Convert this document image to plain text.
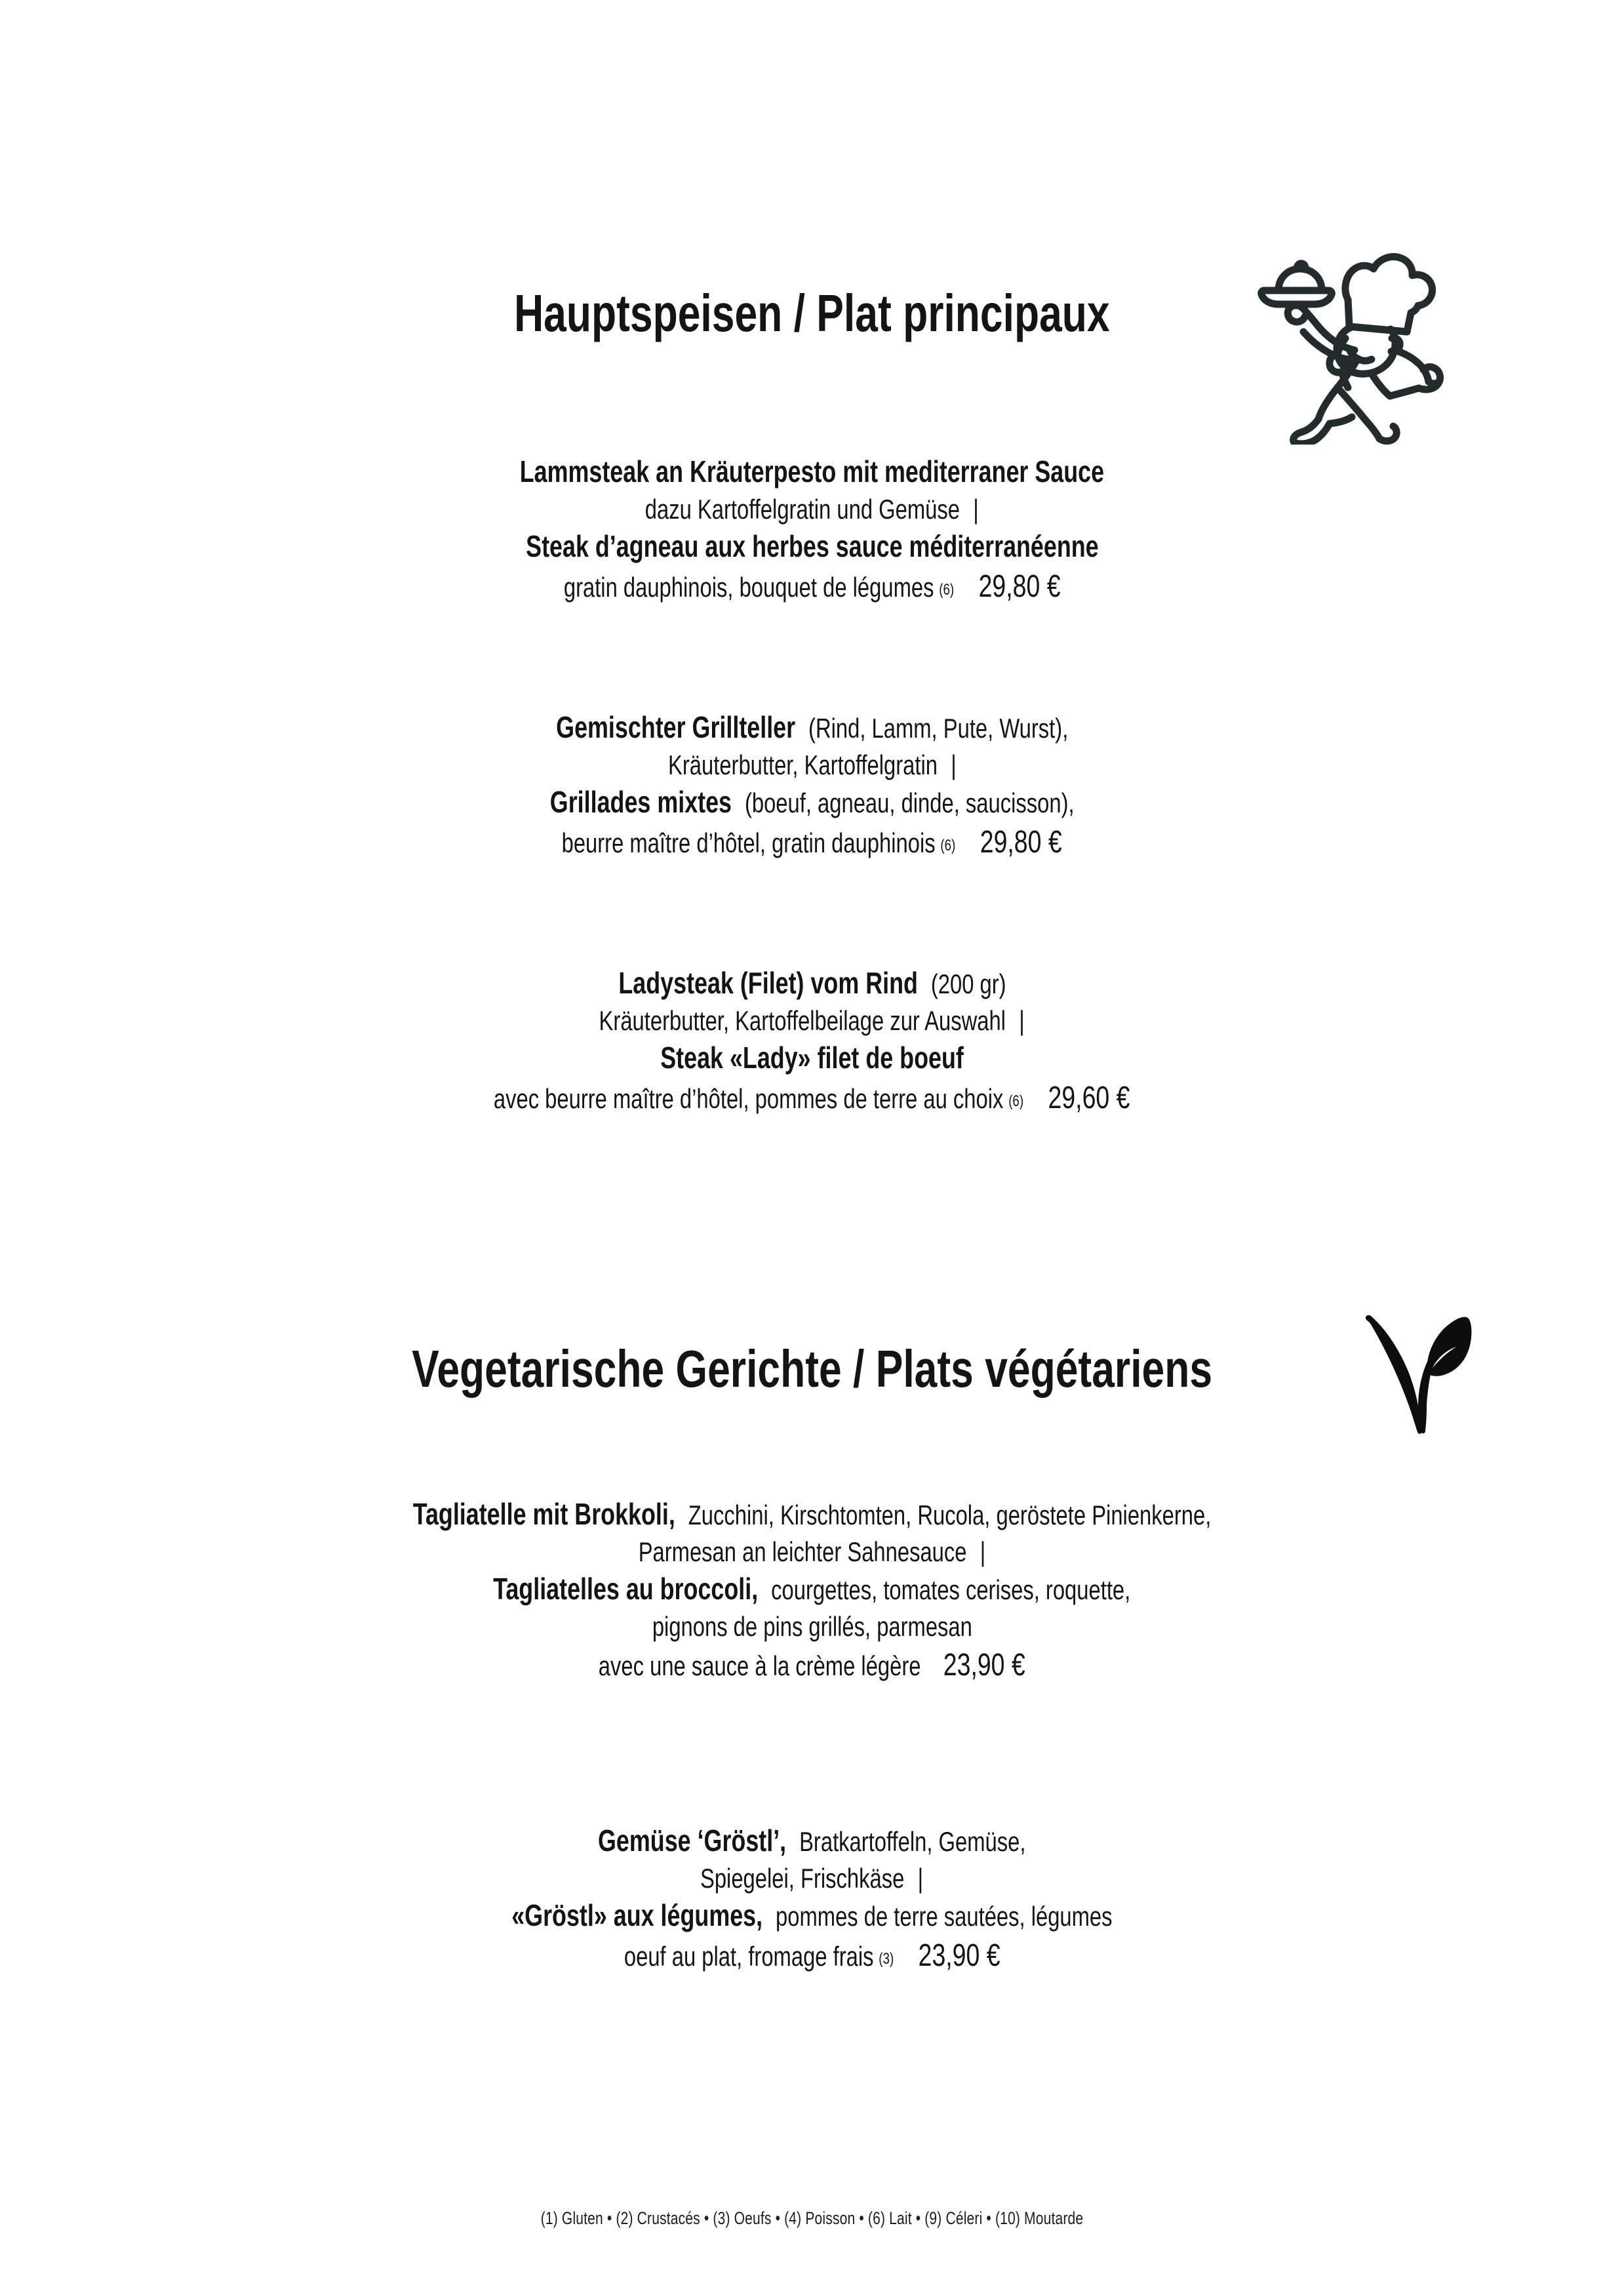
Hauptspeisen / Plat principaux
Lammsteak an Kräuterpesto mit mediterraner Sauce
dazu Kartoffelgratin und Gemüse |
Steak d’agneau aux herbes sauce méditerranéenne
gratin dauphinois, bouquet de légumes (6) 29,80 €
Gemischter Grillteller (Rind, Lamm, Pute, Wurst),
Kräuterbutter, Kartoffelgratin |
Grillades mixtes (boeuf, agneau, dinde, saucisson),
beurre maître d’hôtel, gratin dauphinois (6) 29,80 €
Ladysteak (Filet) vom Rind (200 gr)
Kräuterbutter, Kartoffelbeilage zur Auswahl |
Steak «Lady» filet de boeuf
avec beurre maître d’hôtel, pommes de terre au choix (6) 29,60 €
Vegetarische Gerichte / Plats végétariens
Tagliatelle mit Brokkoli, Zucchini, Kirschtomten, Rucola, geröstete Pinienkerne,
Parmesan an leichter Sahnesauce |
Tagliatelles au broccoli, courgettes, tomates cerises, roquette,
pignons de pins grillés, parmesan
avec une sauce à la crème légère 23,90 €
Gemüse ‘Gröstl’, Bratkartoffeln, Gemüse,
Spiegelei, Frischkäse |
«Gröstl» aux légumes, pommes de terre sautées, légumes
oeuf au plat, fromage frais (3) 23,90 €
(1) Gluten • (2) Crustacés • (3) Oeufs • (4) Poisson • (6) Lait • (9) Céleri • (10) Moutarde
